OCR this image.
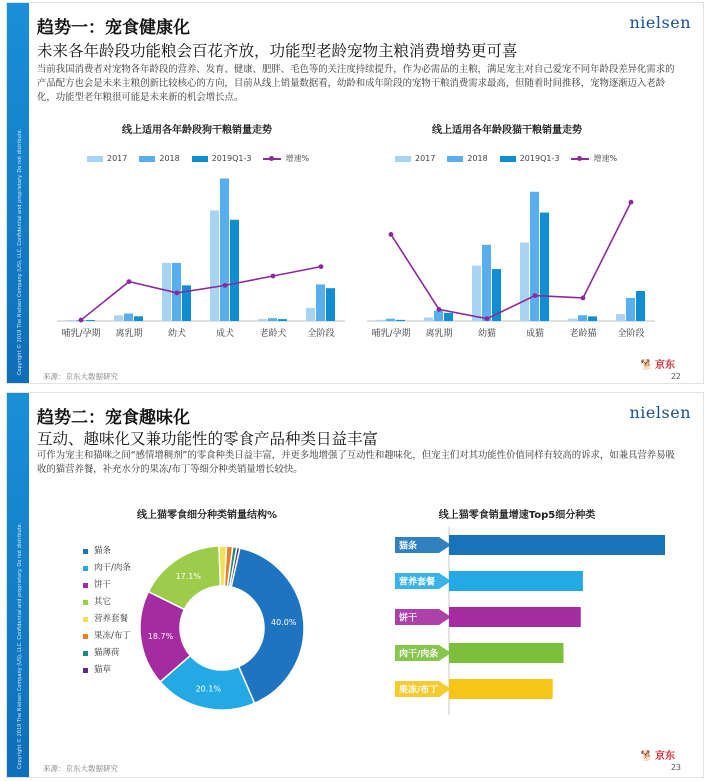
Copyright © 2019 The Nielsen Company (US), LLC. Confidential and proprietary. Do not distribute.
趋势一：宠食健康化	nielsen
未来各年龄段功能粮会百花齐放，功能型老龄宠物主粮消费增势更可喜
当前我国消费者对宠物各年龄段的营养、发育、健康、肥胖、毛色等的关注度持续提升，作为必需品的主粮，满足宠主对自己爱宠不同年龄段差异化需求的产品配方也会是未来主粮创新比较核心的方向，目前从线上销量数据看，幼龄和成年阶段的宠物干粮消费需求最高，但随着时间推移，宠物逐渐迈入老龄化，功能型老年粮很可能是未来新的机会增长点。
线上适用各年龄段狗干粮销量走势	线上适用各年龄段猫干粮销量走势
2017	2018	2019Q1-3	增速%	2017	2018	2019Q1-3	增速%
哺乳/孕期 离乳期	幼犬	成犬	老龄犬 全阶段	哺乳/孕期 离乳期	幼猫	成猫	老龄猫 全阶段
来源：京东大数据研究
🐕 京东
22
Copyright © 2019 The Nielsen Company (US), LLC. Confidential and proprietary. Do not distribute.
趋势二：宠食趣味化	nielsen
互动、趣味化又兼功能性的零食产品种类日益丰富
可作为宠主和猫咪之间“感情增稠剂”的零食种类日益丰富，并更多地增强了互动性和趣味化，但宠主们对其功能性价值同样有较高的诉求，如兼具营养易吸收的猫营养餐，补充水分的果冻/布丁等细分种类销量增长较快。
线上猫零食细分种类销量结构%	线上猫零食销量增速Top5细分种类
猫条
肉干/肉条
饼干
其它
营养套餐
果冻/布丁
猫薄荷
猫草
40.0%
20.1%
18.7%
17.1%
猫条
营养套餐
饼干
肉干/肉条
果冻/布丁
来源：京东大数据研究
🐕 京东
23
